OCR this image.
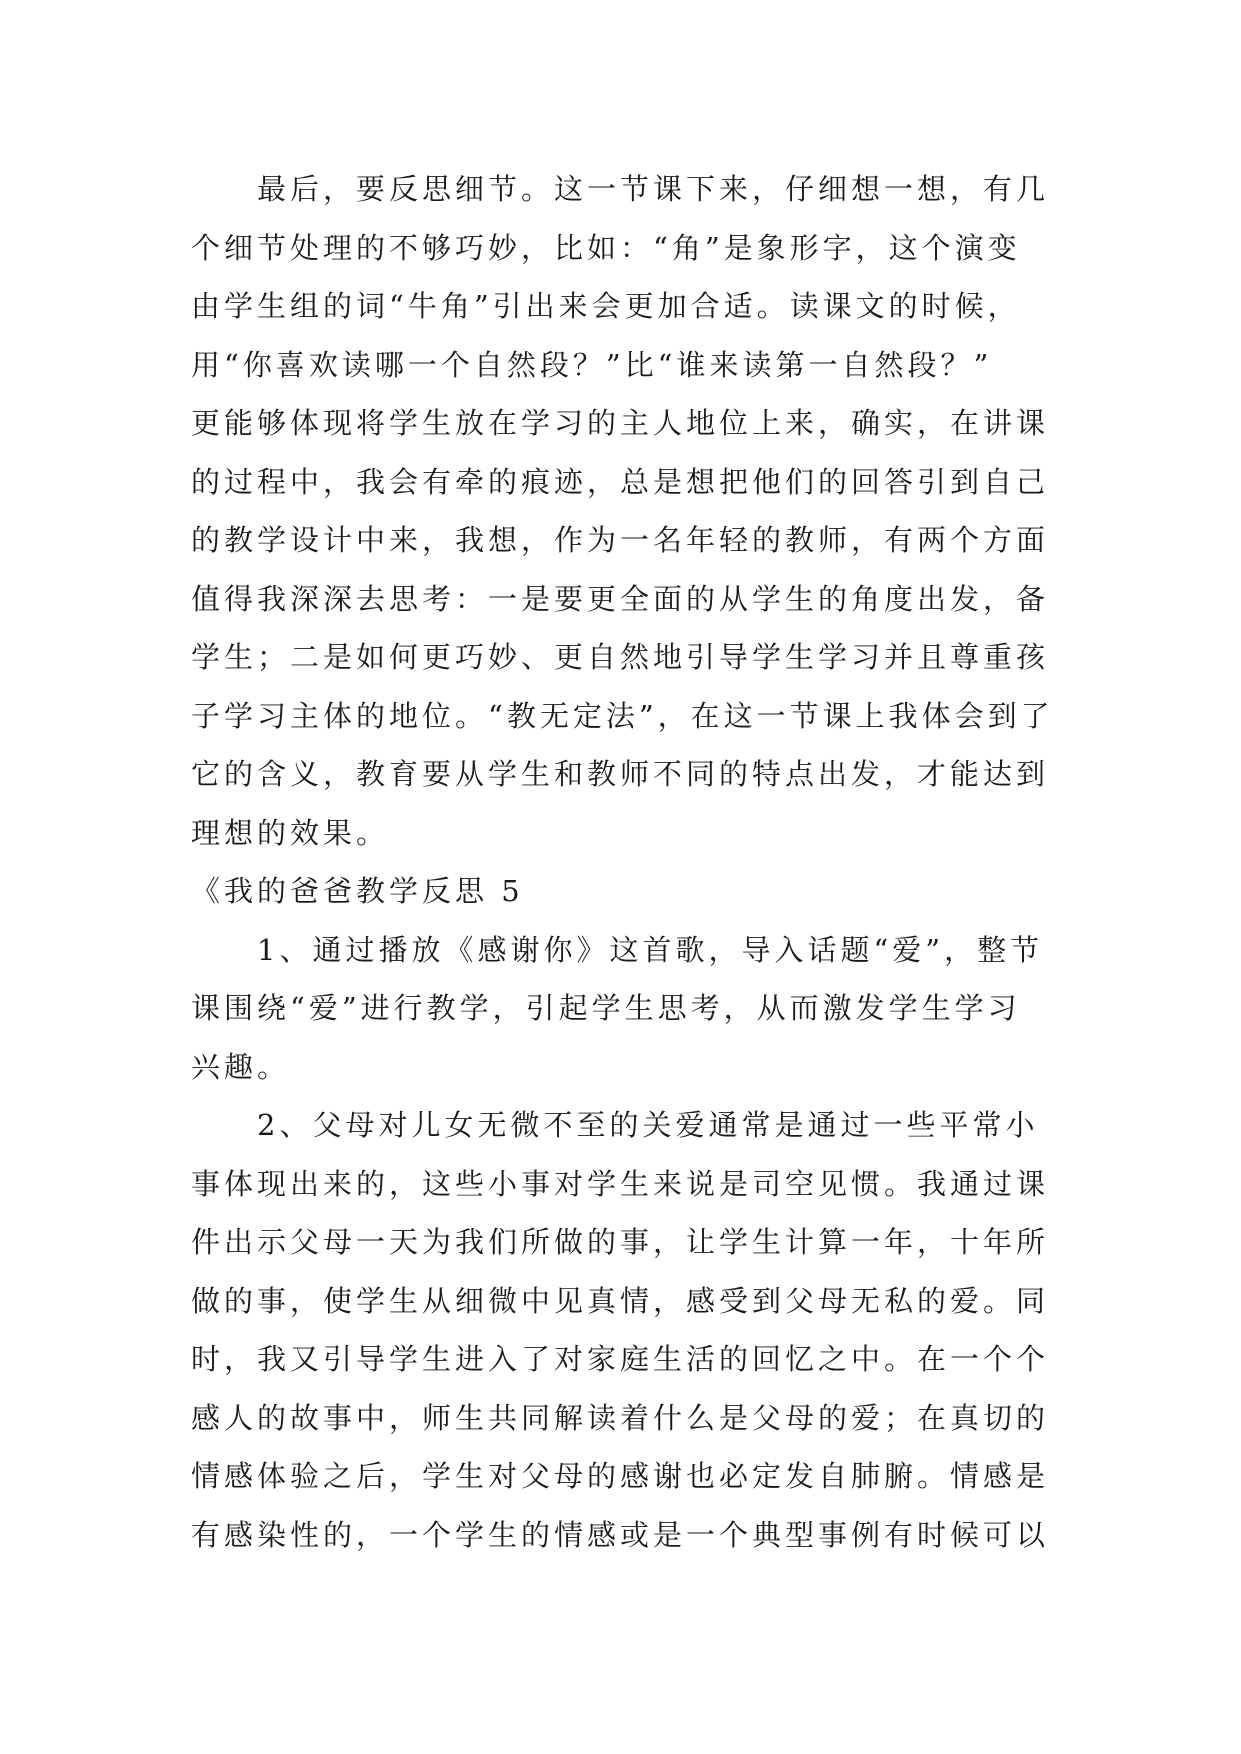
最后，要反思细节。这一节课下来，仔细想一想，有几
个细节处理的不够巧妙，比如：“角”是象形字，这个演变
由学生组的词“牛角”引出来会更加合适。读课文的时候，
用“你喜欢读哪一个自然段？”比“谁来读第一自然段？”
更能够体现将学生放在学习的主人地位上来，确实，在讲课
的过程中，我会有牵的痕迹，总是想把他们的回答引到自己
的教学设计中来，我想，作为一名年轻的教师，有两个方面
值得我深深去思考：一是要更全面的从学生的角度出发，备
学生；二是如何更巧妙、更自然地引导学生学习并且尊重孩
子学习主体的地位。“教无定法”，在这一节课上我体会到了
它的含义，教育要从学生和教师不同的特点出发，才能达到
理想的效果。
《我的爸爸教学反思 5
1、通过播放《感谢你》这首歌，导入话题“爱”，整节
课围绕“爱”进行教学，引起学生思考，从而激发学生学习
兴趣。
2、父母对儿女无微不至的关爱通常是通过一些平常小
事体现出来的，这些小事对学生来说是司空见惯。我通过课
件出示父母一天为我们所做的事，让学生计算一年，十年所
做的事，使学生从细微中见真情，感受到父母无私的爱。同
时，我又引导学生进入了对家庭生活的回忆之中。在一个个
感人的故事中，师生共同解读着什么是父母的爱；在真切的
情感体验之后，学生对父母的感谢也必定发自肺腑。情感是
有感染性的，一个学生的情感或是一个典型事例有时候可以
